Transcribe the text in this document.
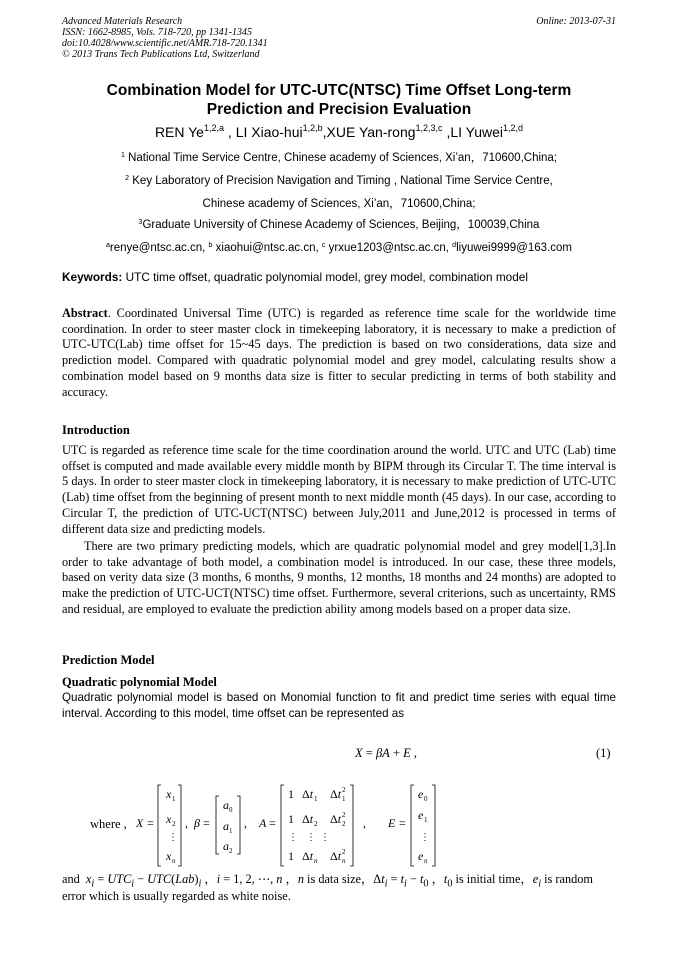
Advanced Materials Research
ISSN: 1662-8985, Vols. 718-720, pp 1341-1345
doi:10.4028/www.scientific.net/AMR.718-720.1341
© 2013 Trans Tech Publications Ltd, Switzerland
Online: 2013-07-31
Combination Model for UTC-UTC(NTSC) Time Offset Long-term
Prediction and Precision Evaluation
REN Ye$^{1,2,a}$ , LI Xiao-hui$^{1,2,b}$,XUE Yan-rong$^{1,2,3,c}$ ,LI Yuwei$^{1,2,d}$
$^1$ National Time Service Centre, Chinese academy of Sciences, Xi’an，710600,China;
$^2$ Key Laboratory of Precision Navigation and Timing , National Time Service Centre,
Chinese academy of Sciences, Xi’an，710600,China;
$^3$Graduate University of Chinese Academy of Sciences, Beijing，100039,China
$^a$renye@ntsc.ac.cn, $^b$ xiaohui@ntsc.ac.cn, $^c$ yrxue1203@ntsc.ac.cn, $^d$liyuwei9999@163.com
Keywords: UTC time offset, quadratic polynomial model, grey model, combination model
Abstract. Coordinated Universal Time (UTC) is regarded as reference time scale for the worldwide time coordination. In order to steer master clock in timekeeping laboratory, it is necessary to make a prediction of UTC-UTC(Lab) time offset for 15~45 days. The prediction is based on two considerations, data size and prediction model. Compared with quadratic polynomial model and grey model, calculating results show a combination model based on 9 months data size is fitter to secular predicting in terms of both stability and accuracy.
Introduction
UTC is regarded as reference time scale for the time coordination around the world. UTC and UTC (Lab) time offset is computed and made available every middle month by BIPM through its Circular T. The time interval is 5 days. In order to steer master clock in timekeeping laboratory, it is necessary to make prediction of UTC-UTC (Lab) time offset from the beginning of present month to next middle month (45 days). In our case, according to Circular T, the prediction of UTC-UCT(NTSC) between July,2011 and June,2012 is processed in terms of different data size and predicting models.
There are two primary predicting models, which are quadratic polynomial model and grey model[1,3].In order to take advantage of both model, a combination model is introduced. In our case, these three models, based on verity data size (3 months, 6 months, 9 months, 12 months, 18 months and 24 months) are adopted to make the prediction of UTC-UCT(NTSC) time offset. Furthermore, several criterions, such as uncertainty, RMS and residual, are employed to evaluate the prediction ability among models based on a proper data size.
Prediction Model
Quadratic polynomial Model
Quadratic polynomial model is based on Monomial function to fit and predict time series with equal time interval. According to this model, time offset can be represented as
X = βA + E ,	(1)
where , X =
x 1
x 2
⋮
x n
, β =
a 0
a 1
a 2
, A =
1 Δt 1 Δt 1
2
1 Δt 2 Δt 2
2
⋮ ⋮ ⋮
1 Δt n Δt n
2
, E =
e 0
e 1
⋮
e n
and $x_i = UTC_i - UTC(Lab)_i$ ，i = 1, 2, ⋯, n ，n is data size，$\Delta t_i = t_i - t_0$ ，$t_0$ is initial time，$e_i$ is random
error which is usually regarded as white noise.
